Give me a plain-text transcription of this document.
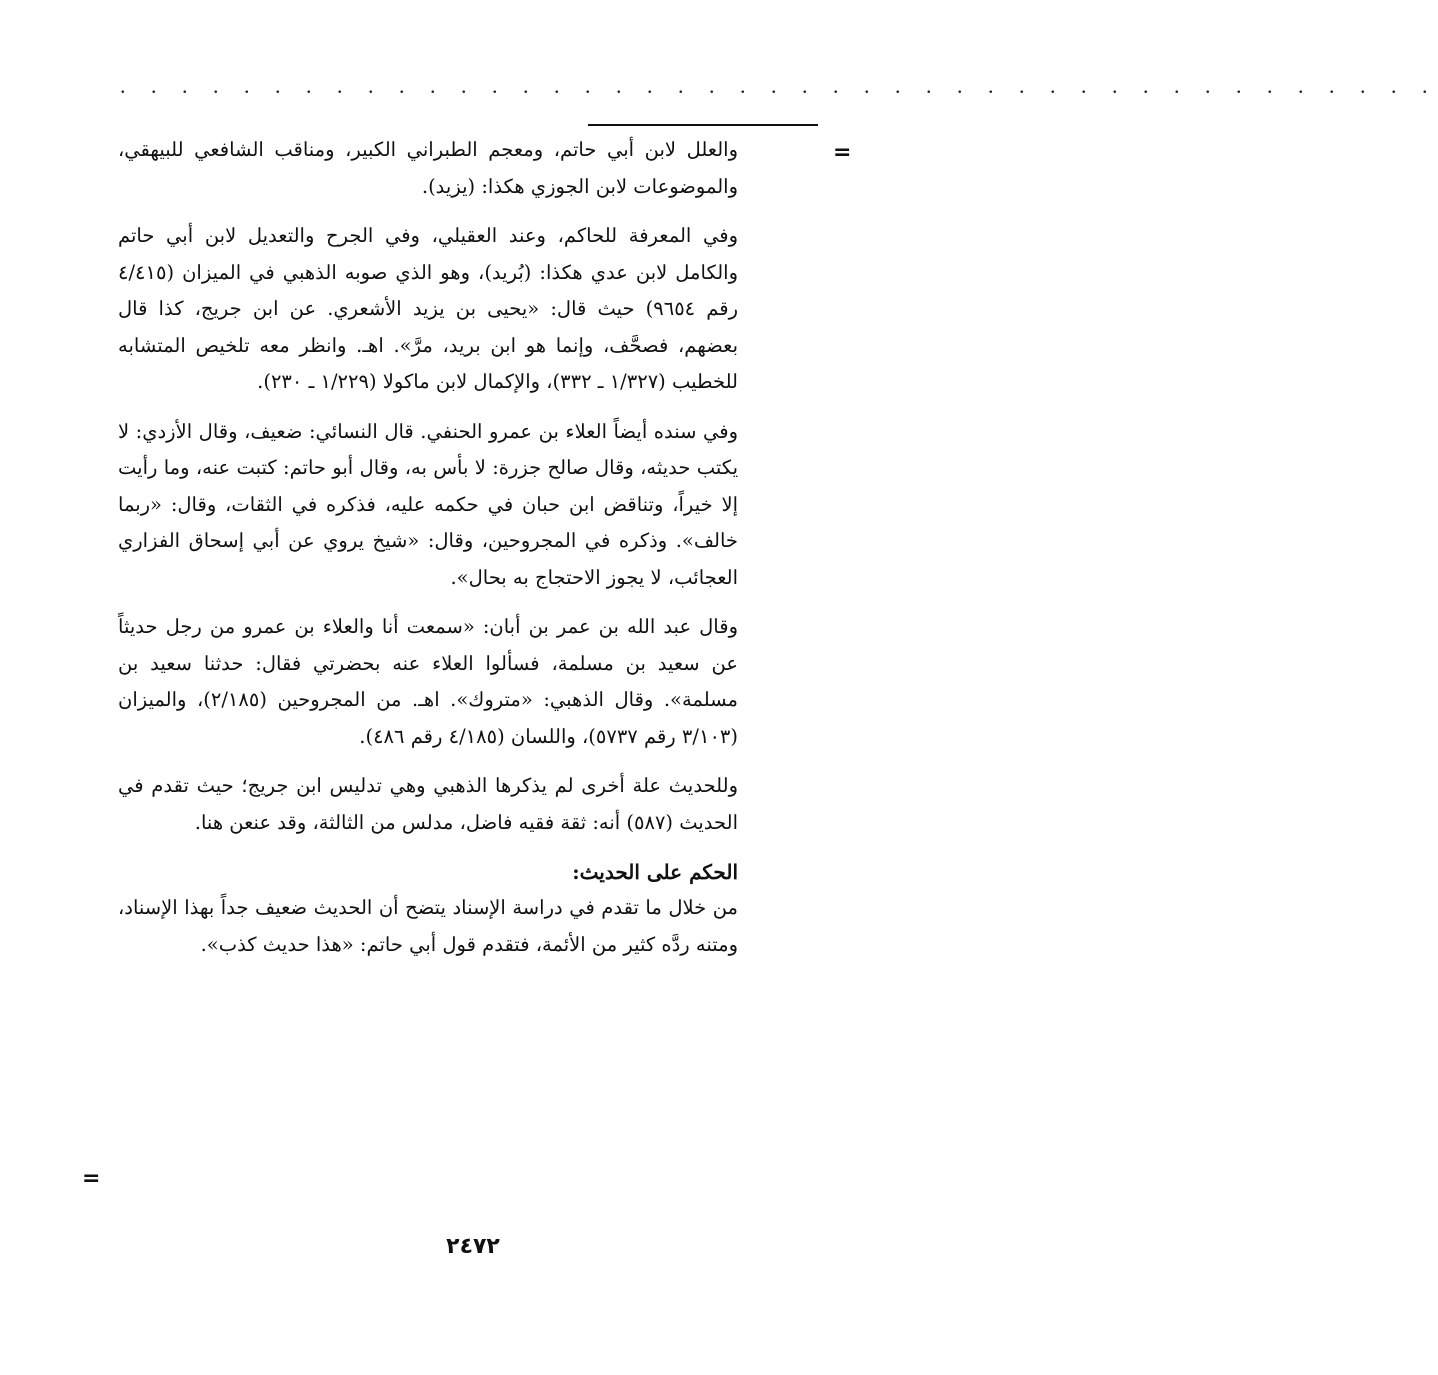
. . . . . . . . . . . . . . . . . . . . . . . . . . . . . . . . . . . . . . . . . . .
=

والعلل لابن أبي حاتم، ومعجم الطبراني الكبير، ومناقب الشافعي للبيهقي، والموضوعات لابن الجوزي هكذا: (يزيد).

وفي المعرفة للحاكم، وعند العقيلي، وفي الجرح والتعديل لابن أبي حاتم والكامل لابن عدي هكذا: (بُريد)، وهو الذي صوبه الذهبي في الميزان (٤/٤١٥ رقم ٩٦٥٤) حيث قال: «يحيى بن يزيد الأشعري. عن ابن جريج، كذا قال بعضهم، فصحَّف، وإنما هو ابن بريد، مرَّ». اهـ. وانظر معه تلخيص المتشابه للخطيب (١/٣٢٧ ـ ٣٣٢)، والإكمال لابن ماكولا (١/٢٢٩ ـ ٢٣٠).

وفي سنده أيضاً العلاء بن عمرو الحنفي. قال النسائي: ضعيف، وقال الأزدي: لا يكتب حديثه، وقال صالح جزرة: لا بأس به، وقال أبو حاتم: كتبت عنه، وما رأيت إلا خيراً، وتناقض ابن حبان في حكمه عليه، فذكره في الثقات، وقال: «ربما خالف». وذكره في المجروحين، وقال: «شيخ يروي عن أبي إسحاق الفزاري العجائب، لا يجوز الاحتجاج به بحال».

وقال عبد الله بن عمر بن أبان: «سمعت أنا والعلاء بن عمرو من رجل حديثاً عن سعيد بن مسلمة، فسألوا العلاء عنه بحضرتي فقال: حدثنا سعيد بن مسلمة». وقال الذهبي: «متروك». اهـ. من المجروحين (٢/١٨٥)، والميزان (٣/١٠٣ رقم ٥٧٣٧)، واللسان (٤/١٨٥ رقم ٤٨٦).

وللحديث علة أخرى لم يذكرها الذهبي وهي تدليس ابن جريج؛ حيث تقدم في الحديث (٥٨٧) أنه: ثقة فقيه فاضل، مدلس من الثالثة، وقد عنعن هنا.

الحكم على الحديث:

من خلال ما تقدم في دراسة الإسناد يتضح أن الحديث ضعيف جداً بهذا الإسناد، ومتنه ردَّه كثير من الأئمة، فتقدم قول أبي حاتم: «هذا حديث كذب».

=
٢٤٧٢
